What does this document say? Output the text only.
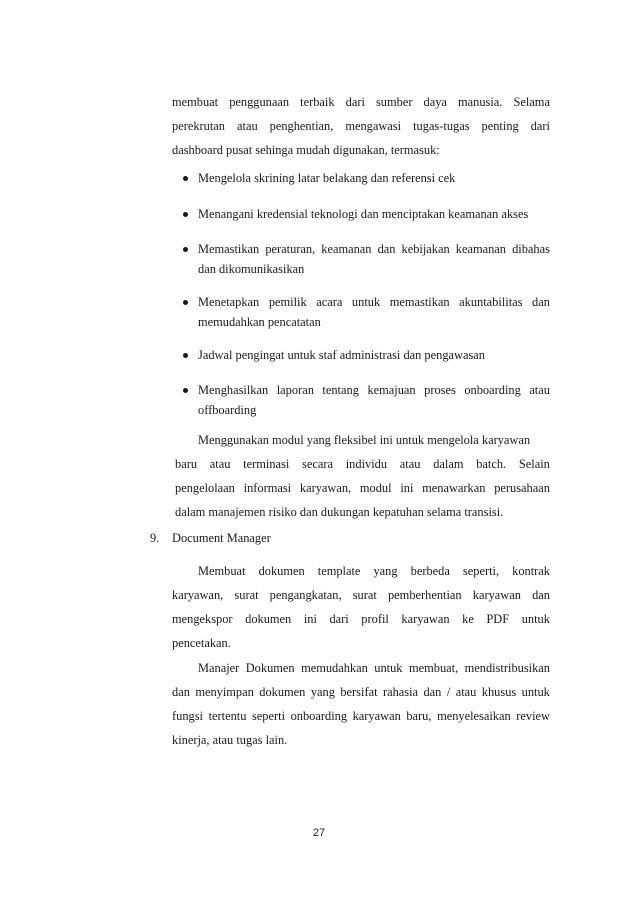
membuat penggunaan terbaik dari sumber daya manusia. Selama
perekrutan atau penghentian, mengawasi tugas-tugas penting dari
dashboard pusat sehinga mudah digunakan, termasuk:
Mengelola skrining latar belakang dan referensi cek
Menangani kredensial teknologi dan menciptakan keamanan akses
Memastikan peraturan, keamanan dan kebijakan keamanan dibahas
dan dikomunikasikan
Menetapkan pemilik acara untuk memastikan akuntabilitas dan
memudahkan pencatatan
Jadwal pengingat untuk staf administrasi dan pengawasan
Menghasilkan laporan tentang kemajuan proses onboarding atau
offboarding
Menggunakan modul yang fleksibel ini untuk mengelola karyawan
baru atau terminasi secara individu atau dalam batch. Selain
pengelolaan informasi karyawan, modul ini menawarkan perusahaan
dalam manajemen risiko dan dukungan kepatuhan selama transisi.
9. Document Manager
Membuat dokumen template yang berbeda seperti, kontrak
karyawan, surat pengangkatan, surat pemberhentian karyawan dan
mengekspor dokumen ini dari profil karyawan ke PDF untuk
pencetakan.
Manajer Dokumen memudahkan untuk membuat, mendistribusikan
dan menyimpan dokumen yang bersifat rahasia dan / atau khusus untuk
fungsi tertentu seperti onboarding karyawan baru, menyelesaikan review
kinerja, atau tugas lain.
27
